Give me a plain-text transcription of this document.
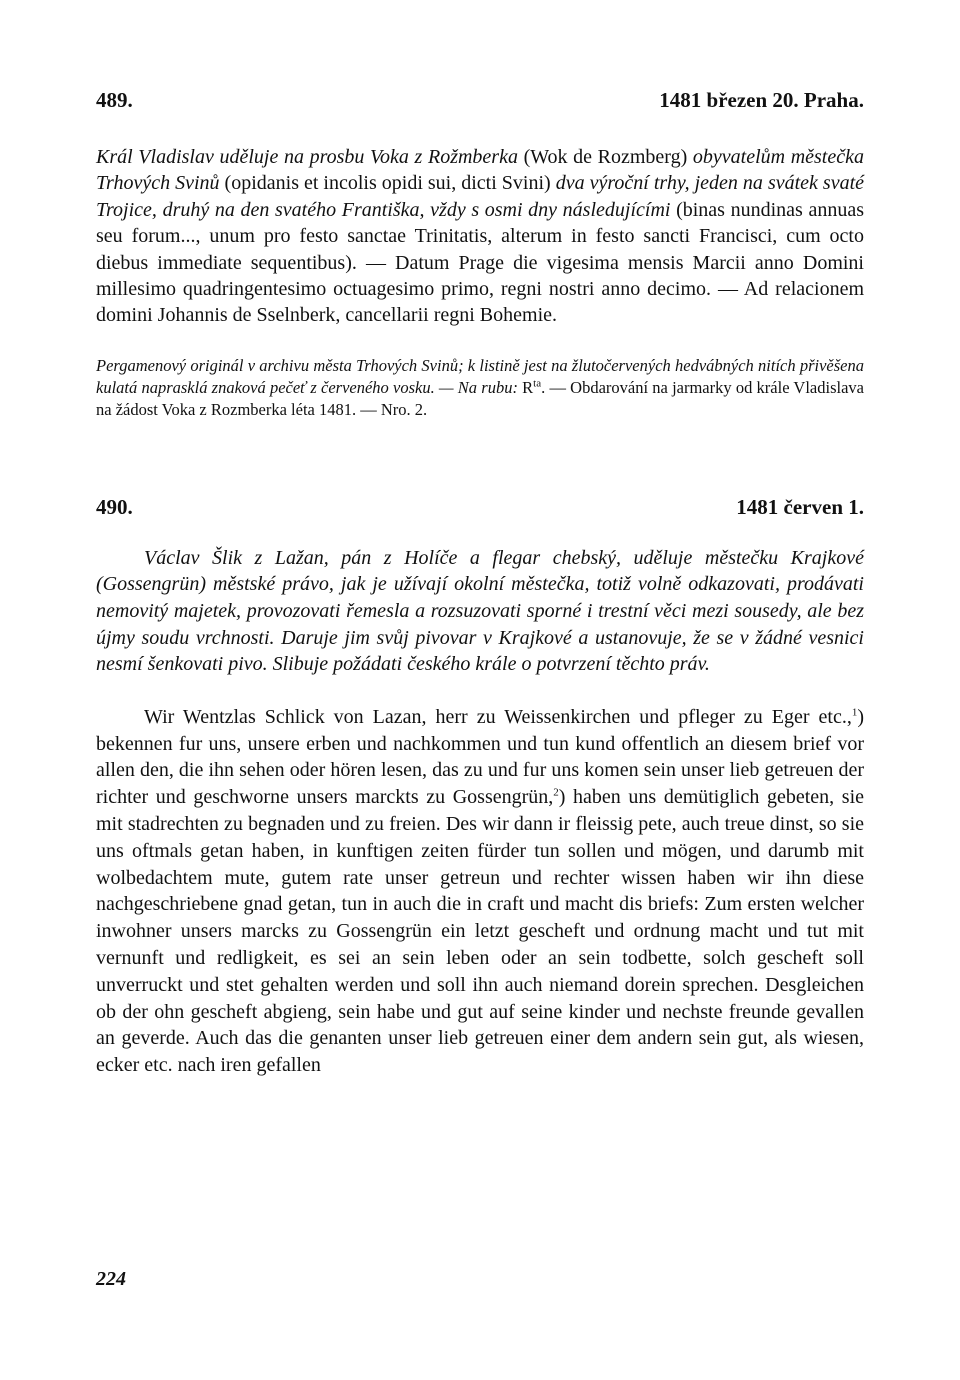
489.	1481 březen 20. Praha.
Král Vladislav uděluje na prosbu Voka z Rožmberka (Wok de Rozmberg) obyvatelům městečka Trhových Svinů (opidanis et incolis opidi sui, dicti Svini) dva výroční trhy, jeden na svátek svaté Trojice, druhý na den svatého Františka, vždy s osmi dny následujícími (binas nundinas annuas seu forum..., unum pro festo sanctae Trinitatis, alterum in festo sancti Francisci, cum octo diebus immediate sequentibus). — Datum Prage die vigesima mensis Marcii anno Domini millesimo quadringentesimo octuagesimo primo, regni nostri anno decimo. — Ad relacionem domini Johannis de Sselnberk, cancellarii regni Bohemie.
Pergamenový originál v archivu města Trhových Svinů; k listině jest na žlutočervených hedvábných nitích přivěšena kulatá naprasklá znaková pečeť z červeného vosku. — Na rubu: $R^{ta}$. — Obdarování na jarmarky od krále Vladislava na žádost Voka z Rozmberka léta 1481. — Nro. 2.
490.	1481 červen 1.
Václav Šlik z Lažan, pán z Holíče a flegar chebský, uděluje městečku Krajkové (Gossengrün) městské právo, jak je užívají okolní městečka, totiž volně odkazovati, prodávati nemovitý majetek, provozovati řemesla a rozsuzovati sporné i trestní věci mezi sousedy, ale bez újmy soudu vrchnosti. Daruje jim svůj pivovar v Krajkové a ustanovuje, že se v žádné vesnici nesmí šenkovati pivo. Slibuje požádati českého krále o potvrzení těchto práv.
Wir Wentzlas Schlick von Lazan, herr zu Weissenkirchen und pfleger zu Eger etc.,$^1$) bekennen fur uns, unsere erben und nachkommen und tun kund offentlich an diesem brief vor allen den, die ihn sehen oder hören lesen, das zu und fur uns komen sein unser lieb getreuen der richter und geschworne unsers marckts zu Gossengrün,$^2$) haben uns demütiglich gebeten, sie mit stadrechten zu begnaden und zu freien. Des wir dann ir fleissig pete, auch treue dinst, so sie uns oftmals getan haben, in kunftigen zeiten fürder tun sollen und mögen, und darumb mit wolbedachtem mute, gutem rate unser getreun und rechter wissen haben wir ihn diese nachgeschriebene gnad getan, tun in auch die in craft und macht dis briefs: Zum ersten welcher inwohner unsers marcks zu Gossengrün ein letzt gescheft und ordnung macht und tut mit vernunft und redligkeit, es sei an sein leben oder an sein todbette, solch gescheft soll unverruckt und stet gehalten werden und soll ihn auch niemand dorein sprechen. Desgleichen ob der ohn gescheft abgieng, sein habe und gut auf seine kinder und nechste freunde gevallen an geverde. Auch das die genanten unser lieb getreuen einer dem andern sein gut, als wiesen, ecker etc. nach iren gefallen
224
